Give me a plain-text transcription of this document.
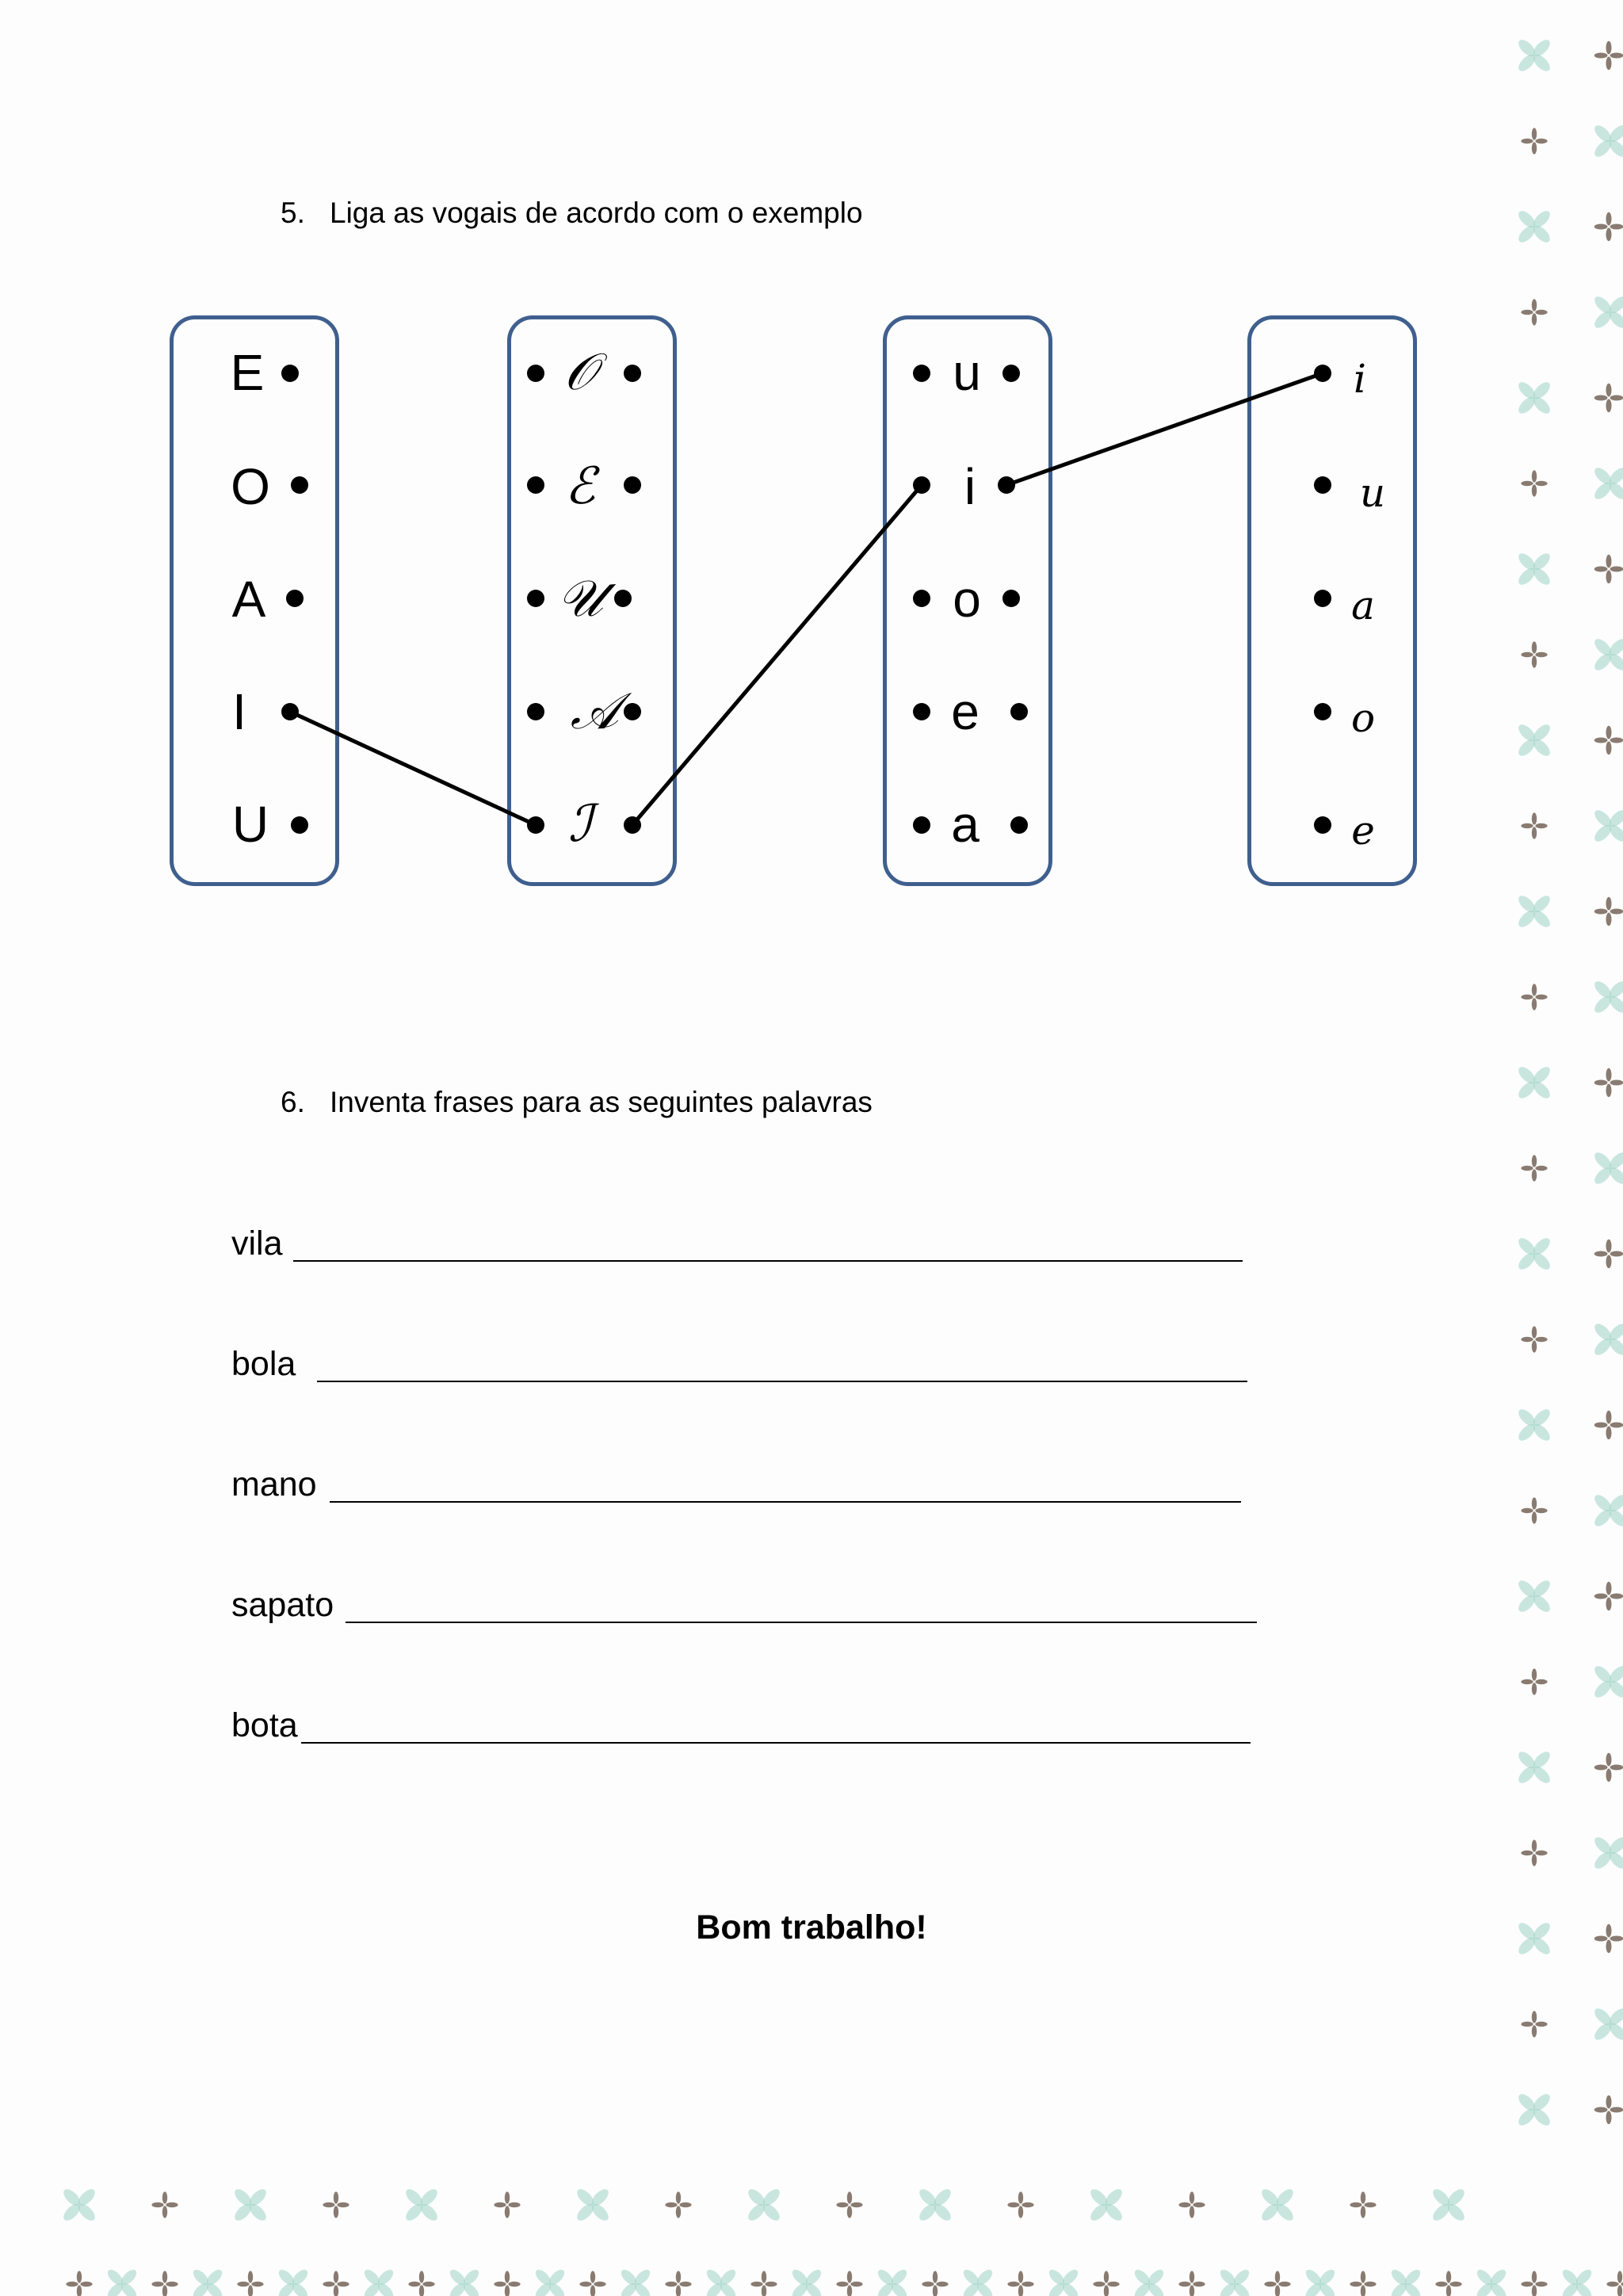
5. Liga as vogais de acordo com o exemplo
E
O
A
I
U
𝒪
ℰ
𝒰
𝒜
ℐ
u
i
o
e
a
i
u
a
o
e
6. Inventa frases para as seguintes palavras
vila
bola
mano
sapato
bota
Bom trabalho!
